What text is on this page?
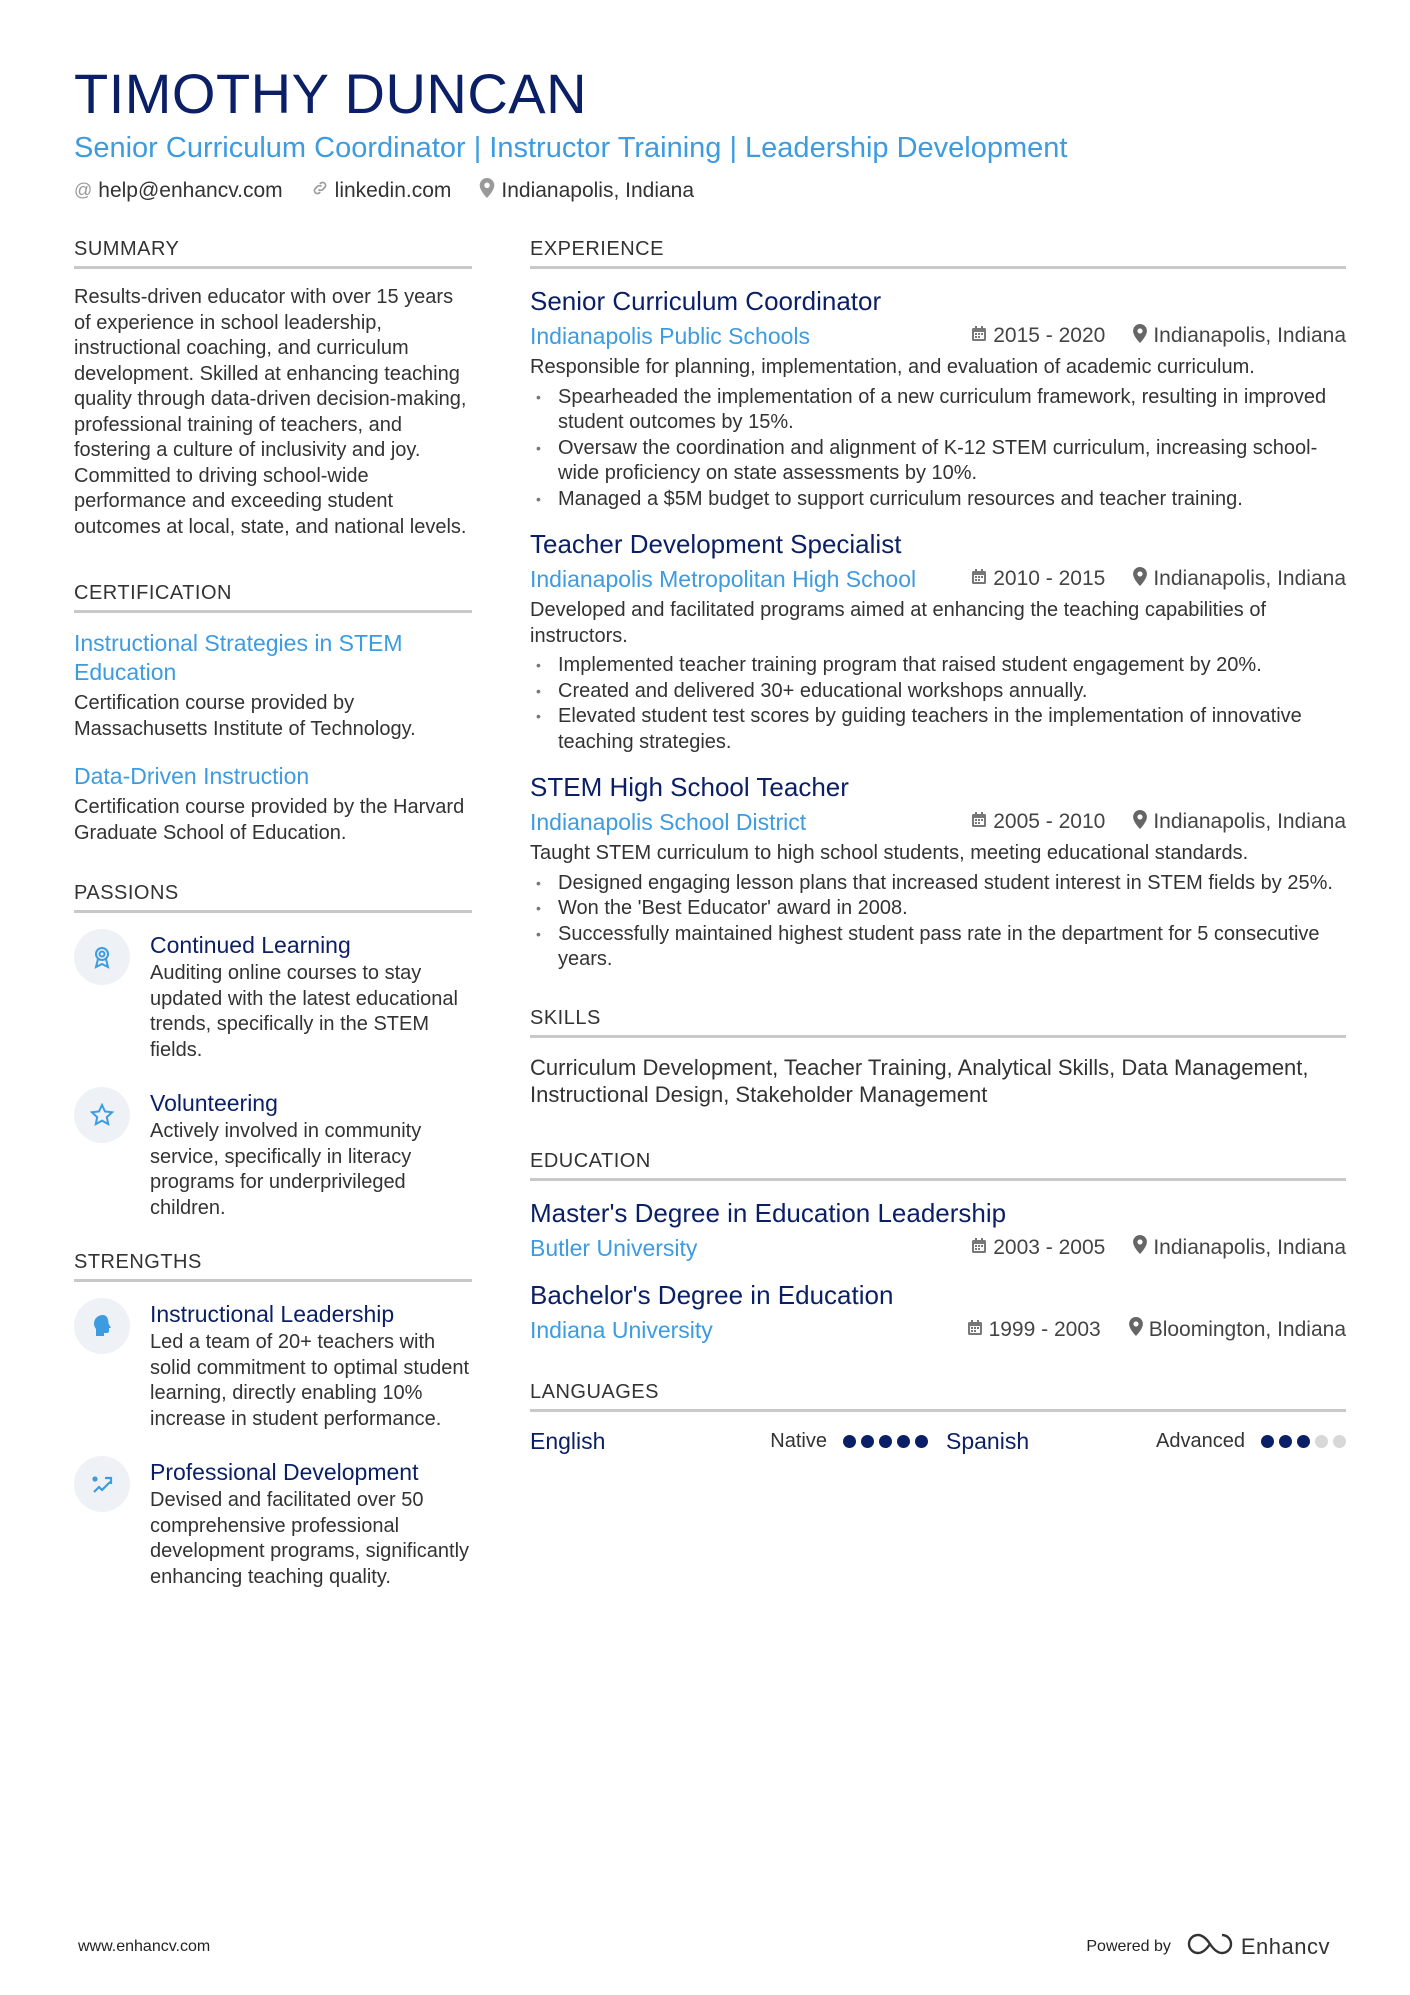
TIMOTHY DUNCAN
Senior Curriculum Coordinator | Instructor Training | Leadership Development
@ help@enhancv.com linkedin.com Indianapolis, Indiana
SUMMARY
Results-driven educator with over 15 years of experience in school leadership, instructional coaching, and curriculum development. Skilled at enhancing teaching quality through data-driven decision-making, professional training of teachers, and fostering a culture of inclusivity and joy. Committed to driving school-wide performance and exceeding student outcomes at local, state, and national levels.
CERTIFICATION
Instructional Strategies in STEM Education
Certification course provided by Massachusetts Institute of Technology.
Data-Driven Instruction
Certification course provided by the Harvard Graduate School of Education.
PASSIONS
Continued Learning
Auditing online courses to stay updated with the latest educational trends, specifically in the STEM fields.
Volunteering
Actively involved in community service, specifically in literacy programs for underprivileged children.
STRENGTHS
Instructional Leadership
Led a team of 20+ teachers with solid commitment to optimal student learning, directly enabling 10% increase in student performance.
Professional Development
Devised and facilitated over 50 comprehensive professional development programs, significantly enhancing teaching quality.
EXPERIENCE
Senior Curriculum Coordinator
Indianapolis Public Schools	2015 - 2020 Indianapolis, Indiana
Responsible for planning, implementation, and evaluation of academic curriculum.
• Spearheaded the implementation of a new curriculum framework, resulting in improved student outcomes by 15%.
• Oversaw the coordination and alignment of K-12 STEM curriculum, increasing school-wide proficiency on state assessments by 10%.
• Managed a $5M budget to support curriculum resources and teacher training.
Teacher Development Specialist
Indianapolis Metropolitan High School	2010 - 2015 Indianapolis, Indiana
Developed and facilitated programs aimed at enhancing the teaching capabilities of instructors.
• Implemented teacher training program that raised student engagement by 20%.
• Created and delivered 30+ educational workshops annually.
• Elevated student test scores by guiding teachers in the implementation of innovative teaching strategies.
STEM High School Teacher
Indianapolis School District	2005 - 2010 Indianapolis, Indiana
Taught STEM curriculum to high school students, meeting educational standards.
• Designed engaging lesson plans that increased student interest in STEM fields by 25%.
• Won the 'Best Educator' award in 2008.
• Successfully maintained highest student pass rate in the department for 5 consecutive years.
SKILLS
Curriculum Development, Teacher Training, Analytical Skills, Data Management, Instructional Design, Stakeholder Management
EDUCATION
Master's Degree in Education Leadership
Butler University	2003 - 2005 Indianapolis, Indiana
Bachelor's Degree in Education
Indiana University	1999 - 2003 Bloomington, Indiana
LANGUAGES
English	Native	Spanish	Advanced
www.enhancv.com	Powered by	Enhancv
